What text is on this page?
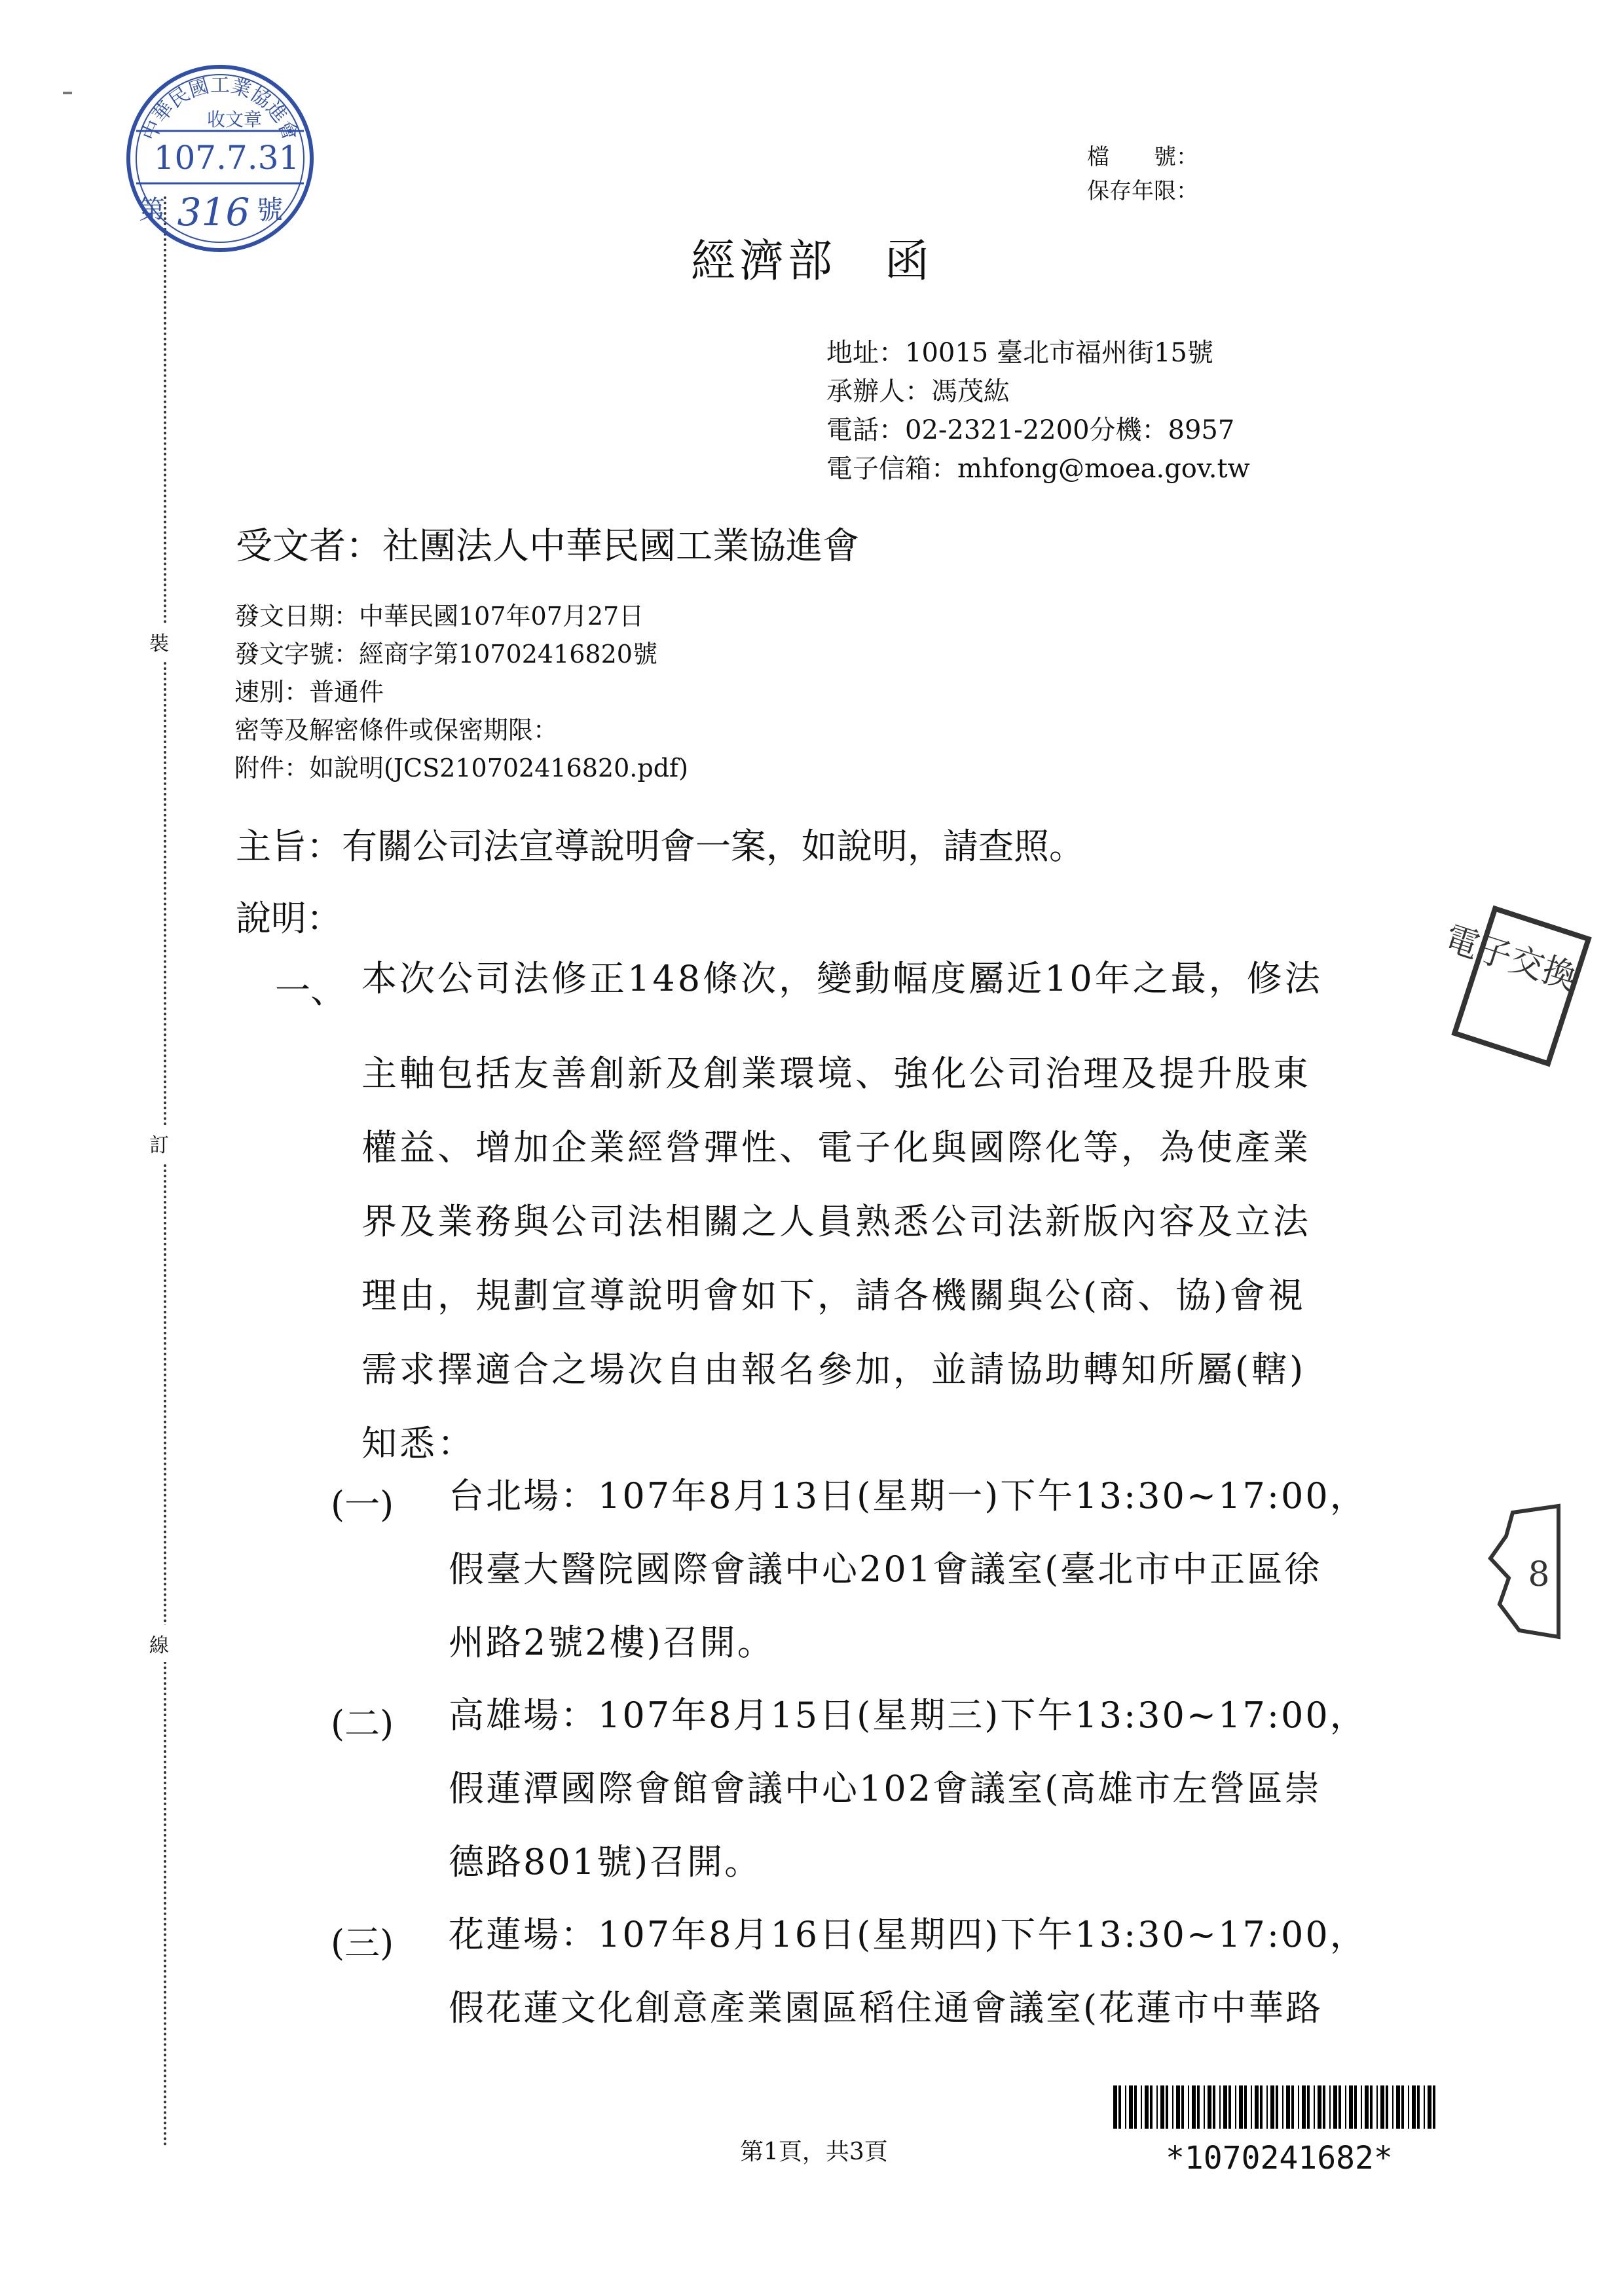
裝
訂
線
中華民國工業協進會
收文章
107.7.31
第 316 號
檔　　號：
保存年限：
經濟部　函
地址：10015 臺北市福州街15號
承辦人：馮茂紘
電話：02-2321-2200分機：8957
電子信箱：mhfong@moea.gov.tw
受文者：社團法人中華民國工業協進會
發文日期：中華民國107年07月27日
發文字號：經商字第10702416820號
速別：普通件
密等及解密條件或保密期限：
附件：如說明(JCS210702416820.pdf)
主旨：有關公司法宣導說明會一案，如說明，請查照。
說明：
一、 本次公司法修正148條次，變動幅度屬近10年之最，修法
主軸包括友善創新及創業環境、強化公司治理及提升股東
權益、增加企業經營彈性、電子化與國際化等，為使產業
界及業務與公司法相關之人員熟悉公司法新版內容及立法
理由，規劃宣導說明會如下，請各機關與公(商、協)會視
需求擇適合之場次自由報名參加，並請協助轉知所屬(轄)
知悉：
(一) 台北場：107年8月13日(星期一)下午13:30~17:00，
假臺大醫院國際會議中心201會議室(臺北市中正區徐
州路2號2樓)召開。
(二) 高雄場：107年8月15日(星期三)下午13:30~17:00，
假蓮潭國際會館會議中心102會議室(高雄市左營區崇
德路801號)召開。
(三) 花蓮場：107年8月16日(星期四)下午13:30~17:00，
假花蓮文化創意產業園區稻住通會議室(花蓮市中華路
電子交換
8
第1頁，共3頁	*1070241682*
